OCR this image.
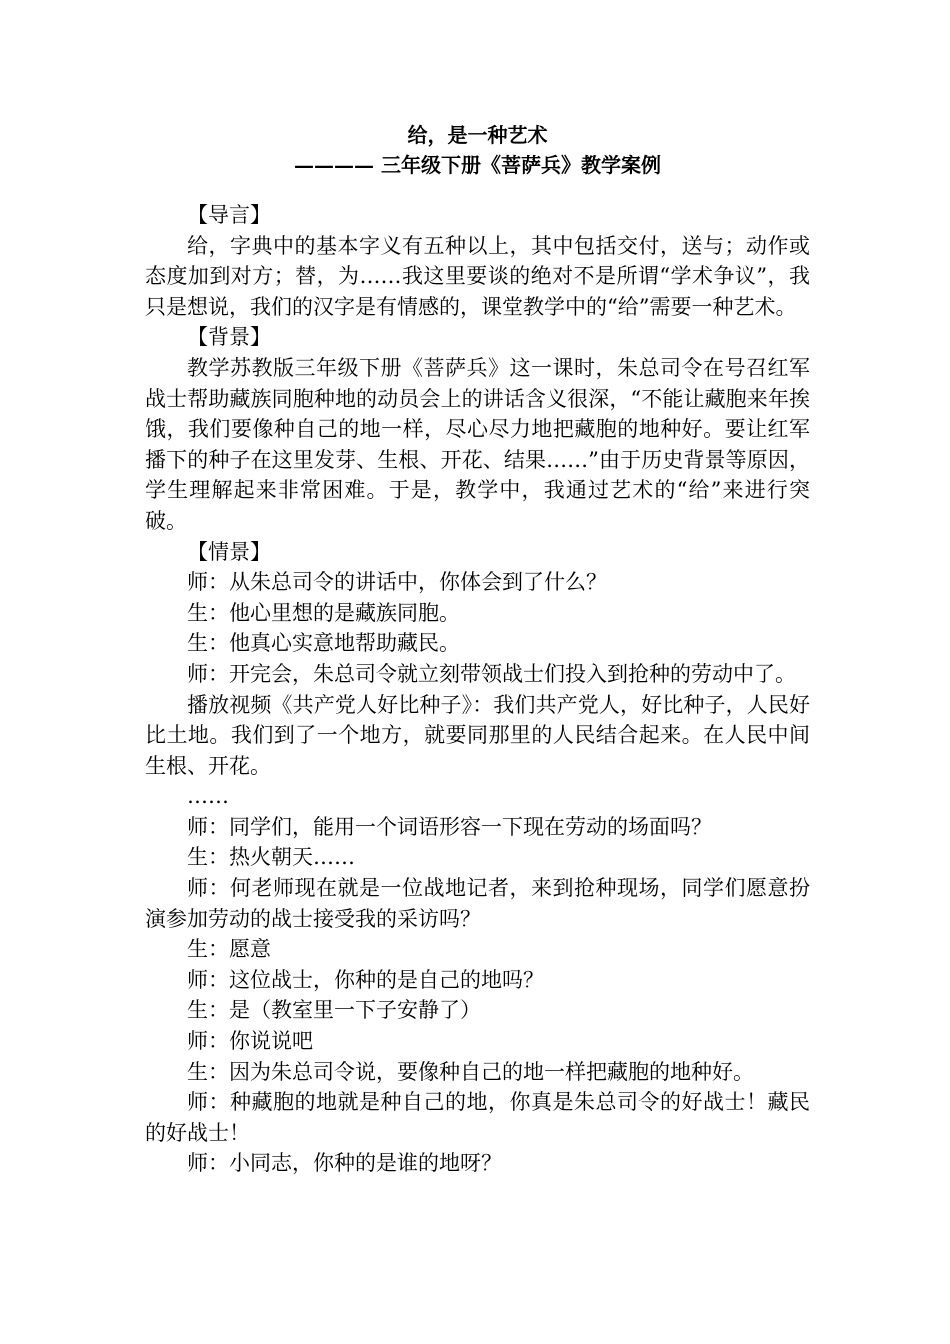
给，是一种艺术
———— 三年级下册《菩萨兵》教学案例

【导言】

给，字典中的基本字义有五种以上，其中包括交付，送与；动作或态度加到对方；替，为……我这里要谈的绝对不是所谓“学术争议”，我只是想说，我们的汉字是有情感的，课堂教学中的“给”需要一种艺术。

【背景】

教学苏教版三年级下册《菩萨兵》这一课时，朱总司令在号召红军战士帮助藏族同胞种地的动员会上的讲话含义很深，“不能让藏胞来年挨饿，我们要像种自己的地一样，尽心尽力地把藏胞的地种好。要让红军播下的种子在这里发芽、生根、开花、结果……”由于历史背景等原因，学生理解起来非常困难。于是，教学中，我通过艺术的“给”来进行突破。

【情景】

师：从朱总司令的讲话中，你体会到了什么？

生：他心里想的是藏族同胞。

生：他真心实意地帮助藏民。

师：开完会，朱总司令就立刻带领战士们投入到抢种的劳动中了。

播放视频《共产党人好比种子》：我们共产党人，好比种子，人民好比土地。我们到了一个地方，就要同那里的人民结合起来。在人民中间生根、开花。

……

师：同学们，能用一个词语形容一下现在劳动的场面吗？

生：热火朝天……

师：何老师现在就是一位战地记者，来到抢种现场，同学们愿意扮演参加劳动的战士接受我的采访吗？

生：愿意

师：这位战士，你种的是自己的地吗？

生：是（教室里一下子安静了）

师：你说说吧

生：因为朱总司令说，要像种自己的地一样把藏胞的地种好。

师：种藏胞的地就是种自己的地，你真是朱总司令的好战士！藏民的好战士！

师：小同志，你种的是谁的地呀？
